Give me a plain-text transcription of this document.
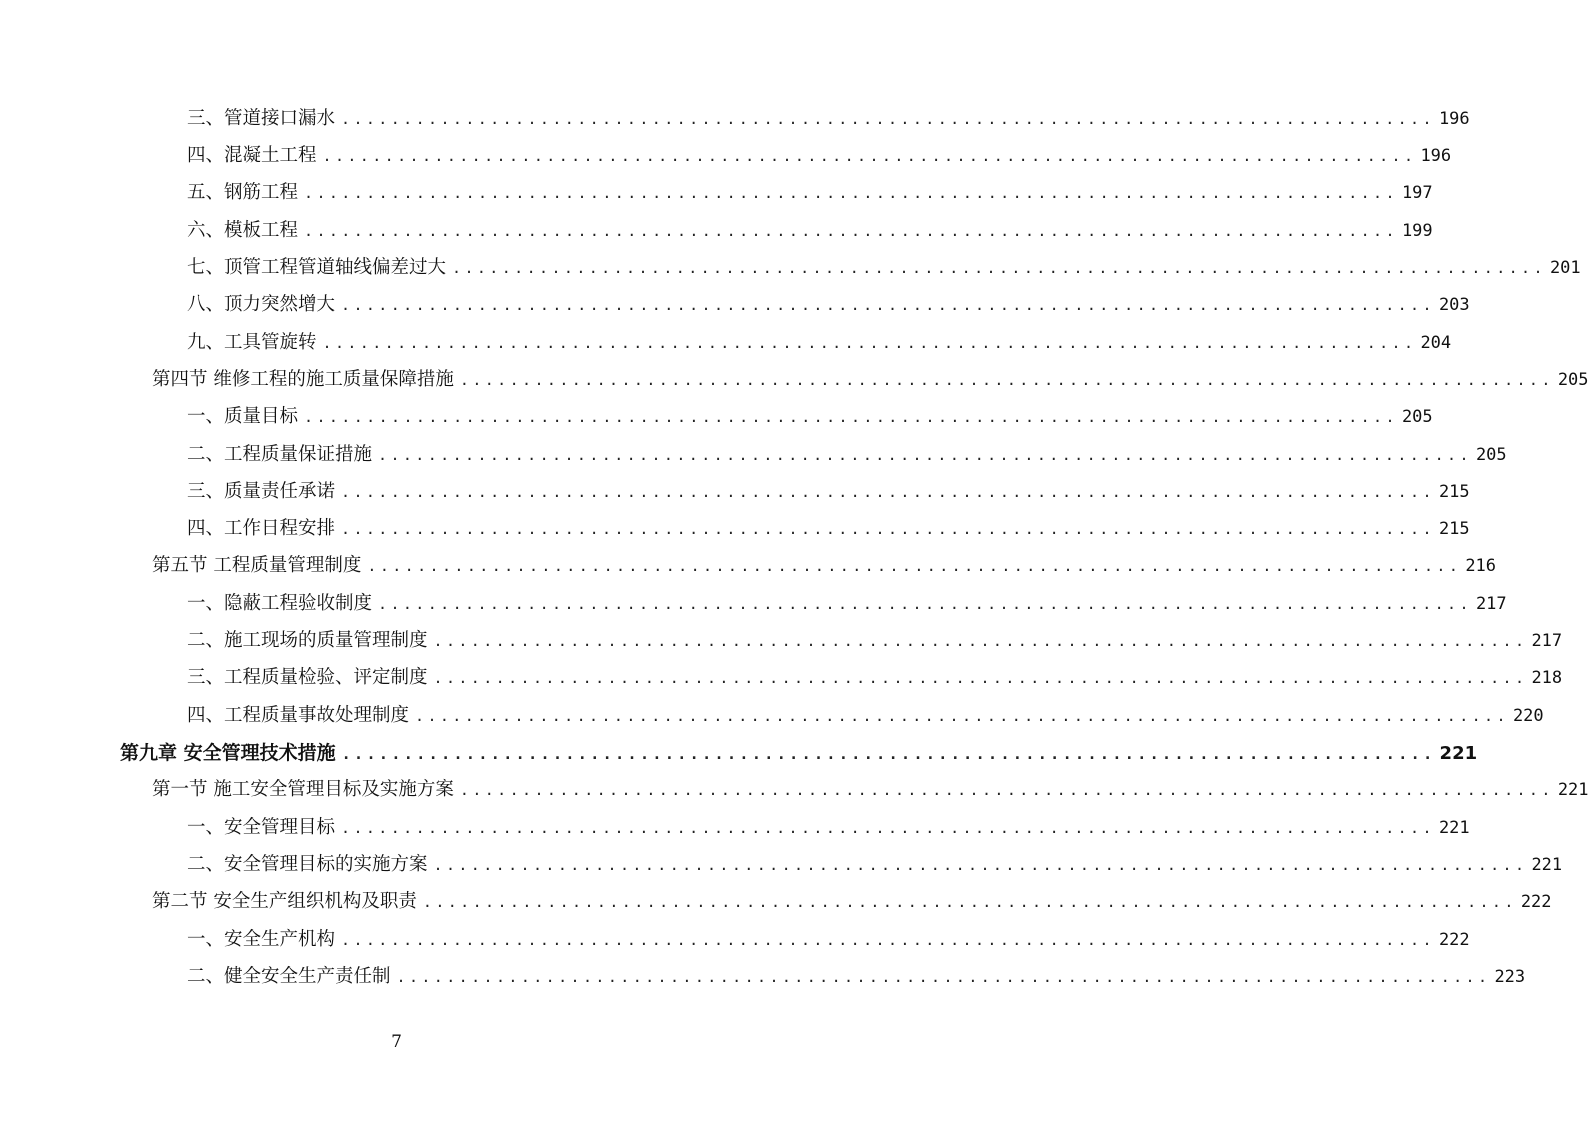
三、管道接口漏水 ........................................................................................ 196
四、混凝土工程 ........................................................................................ 196
五、钢筋工程 ........................................................................................ 197
六、模板工程 ........................................................................................ 199
七、顶管工程管道轴线偏差过大 ........................................................................................ 201
八、顶力突然增大 ........................................................................................ 203
九、工具管旋转 ........................................................................................ 204
第四节 维修工程的施工质量保障措施 ........................................................................................ 205
一、质量目标 ........................................................................................ 205
二、工程质量保证措施 ........................................................................................ 205
三、质量责任承诺 ........................................................................................ 215
四、工作日程安排 ........................................................................................ 215
第五节 工程质量管理制度 ........................................................................................ 216
一、隐蔽工程验收制度 ........................................................................................ 217
二、施工现场的质量管理制度 ........................................................................................ 217
三、工程质量检验、评定制度 ........................................................................................ 218
四、工程质量事故处理制度 ........................................................................................ 220
第九章 安全管理技术措施 ........................................................................................ 221
第一节 施工安全管理目标及实施方案 ........................................................................................ 221
一、安全管理目标 ........................................................................................ 221
二、安全管理目标的实施方案 ........................................................................................ 221
第二节 安全生产组织机构及职责 ........................................................................................ 222
一、安全生产机构 ........................................................................................ 222
二、健全安全生产责任制 ........................................................................................ 223
7
